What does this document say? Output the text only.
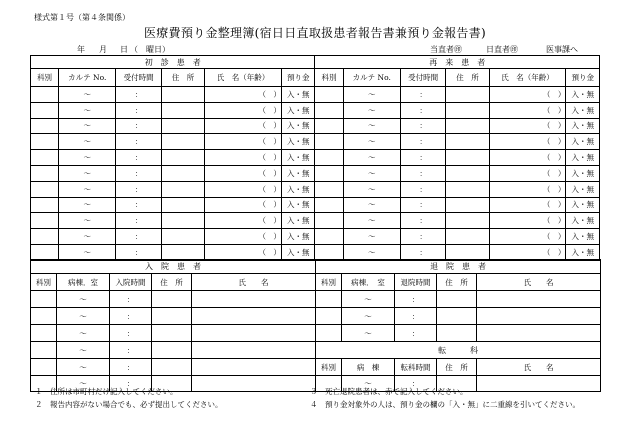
様式第１号（第４条関係）
医療費預り金整理簿(宿日日直取扱患者報告書兼預り金報告書)
年 月 日 （　曜日）	当直者㊞	日直者㊞	医事課へ
初　診　患　者						再　来　患　者					
科別	カルテ No.	受付時間	住　所	氏　名（年齢）	預り金	科別	カルテ No.	受付時間	住　所	氏　名（年齢）	預り金
	～	：		（　）	入・無		～	：		（　）	入・無
	～	：		（　）	入・無		～	：		（　）	入・無
	～	：		（　）	入・無		～	：		（　）	入・無
	～	：		（　）	入・無		～	：		（　）	入・無
	～	：		（　）	入・無		～	：		（　）	入・無
	～	：		（　）	入・無		～	：		（　）	入・無
	～	：		（　）	入・無		～	：		（　）	入・無
	～	：		（　）	入・無		～	：		（　）	入・無
	～	：		（　）	入・無		～	：		（　）	入・無
	～	：		（　）	入・無		～	：		（　）	入・無
	～	：		（　）	入・無		～	：		（　）	入・無
入　院　患　者					退　院　患　者				
科別	病棟．室	入院時間	住　所	氏　　名	科別	病棟．　室	退院時間	住　所	氏　　名
	～	：				～	：		
	～	：				～	：		
	～	：				～	：		
	～	：			転　　　科				
	～	：			科別	病　棟	転科時間	住　所	氏　　名
	～	：				～	：		
１　住所は市町村だけ記入してください。
２　報告内容がない場合でも、必ず提出してください。
３　死亡退院患者は、赤で記入してください。
４　預り金対象外の人は、預り金の欄の「入・無」に二重線を引いてください。
